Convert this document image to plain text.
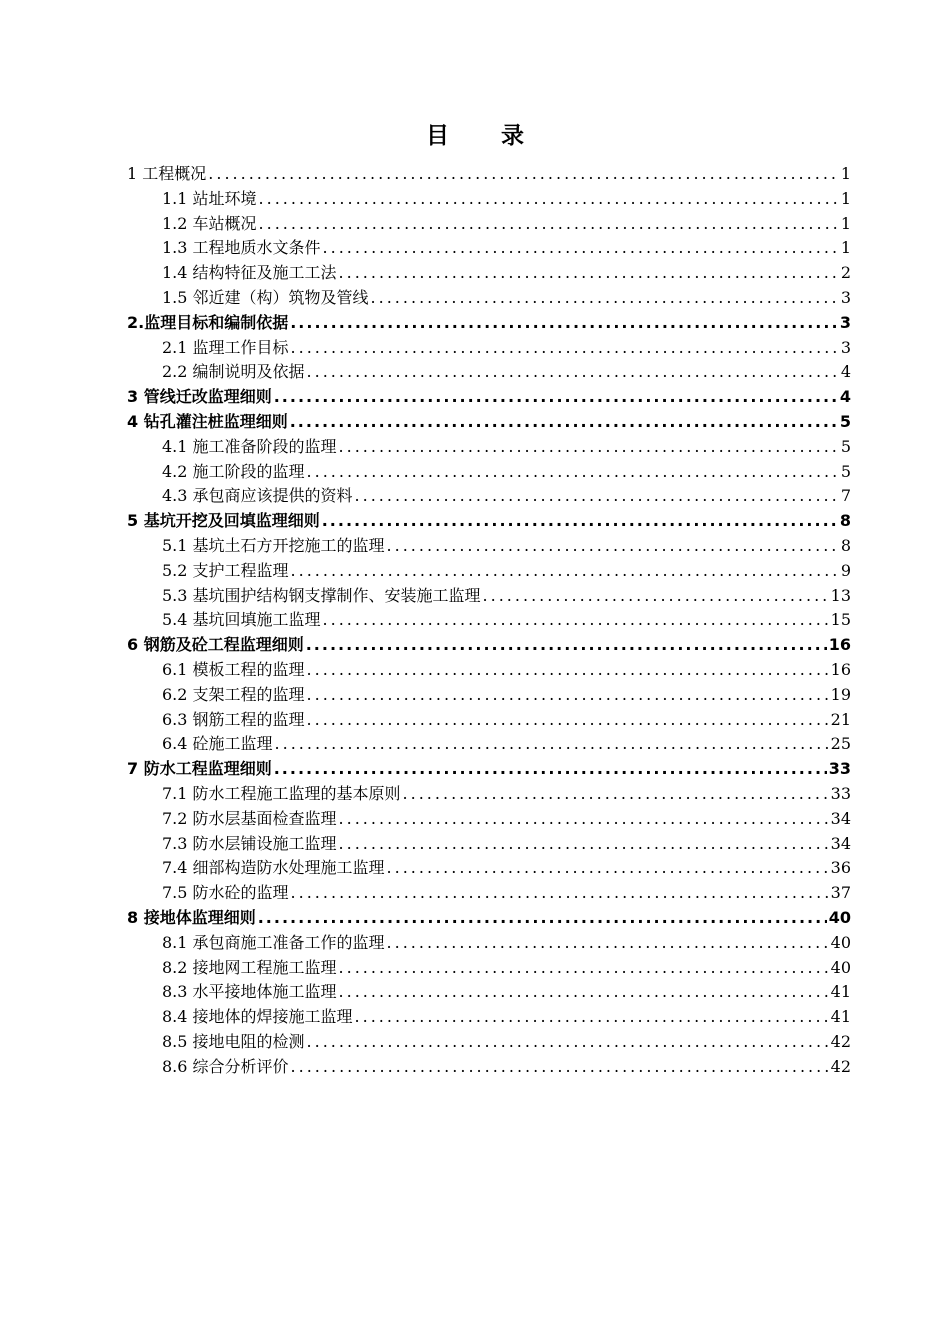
目 录
1 工程概况 .....	1
1.1 站址环境 .....	1
1.2 车站概况 .....	1
1.3 工程地质水文条件 .....	1
1.4 结构特征及施工工法 .....	2
1.5 邻近建（构）筑物及管线 .....	3
2.监理目标和编制依据 .....	3
2.1 监理工作目标 .....	3
2.2 编制说明及依据 .....	4
3 管线迁改监理细则 .....	4
4 钻孔灌注桩监理细则 .....	5
4.1 施工准备阶段的监理 .....	5
4.2 施工阶段的监理 .....	5
4.3 承包商应该提供的资料 .....	7
5 基坑开挖及回填监理细则 .....	8
5.1 基坑土石方开挖施工的监理 .....	8
5.2 支护工程监理 .....	9
5.3 基坑围护结构钢支撑制作、安装施工监理 .....	13
5.4 基坑回填施工监理 .....	15
6 钢筋及砼工程监理细则 .....	16
6.1 模板工程的监理 .....	16
6.2 支架工程的监理 .....	19
6.3 钢筋工程的监理 .....	21
6.4 砼施工监理 .....	25
7 防水工程监理细则 .....	33
7.1 防水工程施工监理的基本原则 .....	33
7.2 防水层基面检查监理 .....	34
7.3 防水层铺设施工监理 .....	34
7.4 细部构造防水处理施工监理 .....	36
7.5 防水砼的监理 .....	37
8 接地体监理细则 .....	40
8.1 承包商施工准备工作的监理 .....	40
8.2 接地网工程施工监理 .....	40
8.3 水平接地体施工监理 .....	41
8.4 接地体的焊接施工监理 .....	41
8.5 接地电阻的检测 .....	42
8.6 综合分析评价 .....	42
